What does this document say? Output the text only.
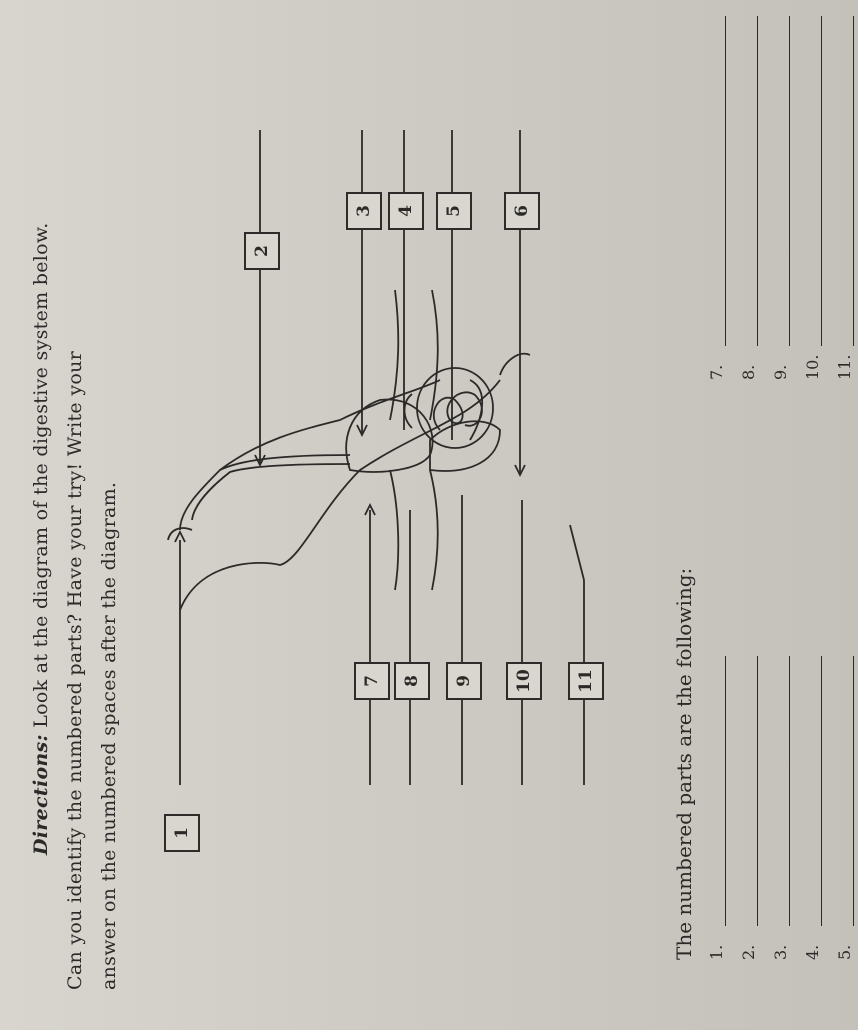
Directions: Look at the diagram of the digestive system below. Can you identify the numbered parts? Have your try! Write your answer on the numbered spaces after the diagram.	1
2
3	4	5	6
7	8	9	10	11	The numbered parts are the following: 1. 2. 3. 4. 5.
7. 8. 9. 10. 11.
